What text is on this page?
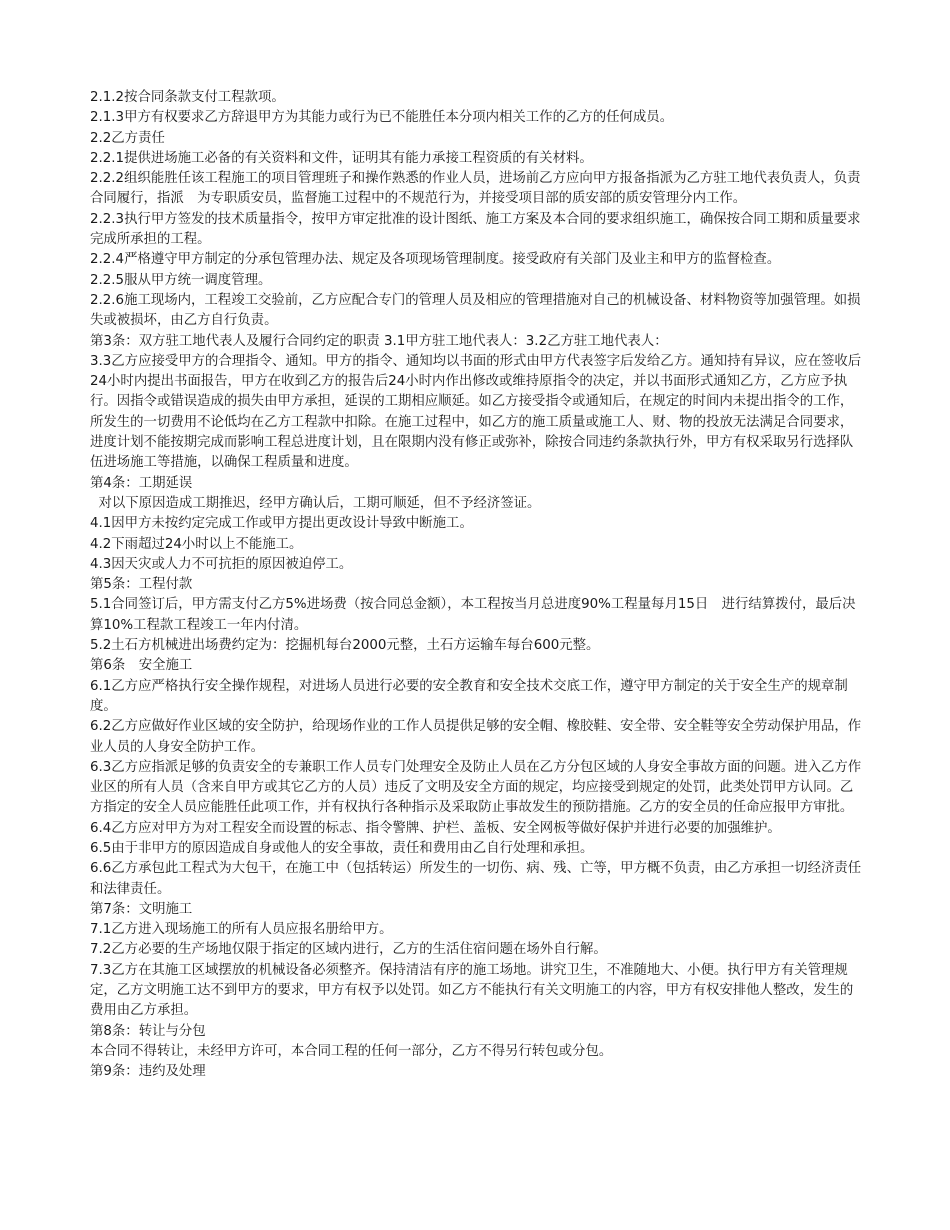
2.1.2按合同条款支付工程款项。

2.1.3甲方有权要求乙方辞退甲方为其能力或行为已不能胜任本分项内相关工作的乙方的任何成员。

2.2乙方责任

2.2.1提供进场施工必备的有关资料和文件，证明其有能力承接工程资质的有关材料。

2.2.2组织能胜任该工程施工的项目管理班子和操作熟悉的作业人员，进场前乙方应向甲方报备指派为乙方驻工地代表负责人，负责合同履行，指派　为专职质安员，监督施工过程中的不规范行为，并接受项目部的质安部的质安管理分内工作。

2.2.3执行甲方签发的技术质量指令，按甲方审定批准的设计图纸、施工方案及本合同的要求组织施工，确保按合同工期和质量要求完成所承担的工程。

2.2.4严格遵守甲方制定的分承包管理办法、规定及各项现场管理制度。接受政府有关部门及业主和甲方的监督检查。

2.2.5服从甲方统一调度管理。

2.2.6施工现场内，工程竣工交验前，乙方应配合专门的管理人员及相应的管理措施对自己的机械设备、材料物资等加强管理。如损失或被损坏，由乙方自行负责。

第3条：双方驻工地代表人及履行合同约定的职责 3.1甲方驻工地代表人：3.2乙方驻工地代表人：

3.3乙方应接受甲方的合理指令、通知。甲方的指令、通知均以书面的形式由甲方代表签字后发给乙方。通知持有异议，应在签收后24小时内提出书面报告，甲方在收到乙方的报告后24小时内作出修改或维持原指令的决定，并以书面形式通知乙方，乙方应予执行。因指令或错误造成的损失由甲方承担，延误的工期相应顺延。如乙方接受指令或通知后，在规定的时间内未提出指令的工作，所发生的一切费用不论低均在乙方工程款中扣除。在施工过程中，如乙方的施工质量或施工人、财、物的投放无法满足合同要求，进度计划不能按期完成而影响工程总进度计划，且在限期内没有修正或弥补，除按合同违约条款执行外，甲方有权采取另行选择队伍进场施工等措施，以确保工程质量和进度。

第4条：工期延误

对以下原因造成工期推迟，经甲方确认后，工期可顺延，但不予经济签证。

4.1因甲方未按约定完成工作或甲方提出更改设计导致中断施工。

4.2下雨超过24小时以上不能施工。

4.3因天灾或人力不可抗拒的原因被迫停工。

第5条：工程付款

5.1合同签订后，甲方需支付乙方5%进场费（按合同总金额），本工程按当月总进度90%工程量每月15日　进行结算拨付，最后决算10%工程款工程竣工一年内付清。

5.2土石方机械进出场费约定为：挖掘机每台2000元整，土石方运输车每台600元整。

第6条　安全施工

6.1乙方应严格执行安全操作规程，对进场人员进行必要的安全教育和安全技术交底工作，遵守甲方制定的关于安全生产的规章制度。

6.2乙方应做好作业区域的安全防护，给现场作业的工作人员提供足够的安全帽、橡胶鞋、安全带、安全鞋等安全劳动保护用品，作业人员的人身安全防护工作。

6.3乙方应指派足够的负责安全的专兼职工作人员专门处理安全及防止人员在乙方分包区域的人身安全事故方面的问题。进入乙方作业区的所有人员（含来自甲方或其它乙方的人员）违反了文明及安全方面的规定，均应接受到规定的处罚，此类处罚甲方认同。乙方指定的安全人员应能胜任此项工作，并有权执行各种指示及采取防止事故发生的预防措施。乙方的安全员的任命应报甲方审批。

6.4乙方应对甲方为对工程安全而设置的标志、指令警牌、护栏、盖板、安全网板等做好保护并进行必要的加强维护。

6.5由于非甲方的原因造成自身或他人的安全事故，责任和费用由乙自行处理和承担。

6.6乙方承包此工程式为大包干，在施工中（包括转运）所发生的一切伤、病、残、亡等，甲方概不负责，由乙方承担一切经济责任和法律责任。

第7条：文明施工

7.1乙方进入现场施工的所有人员应报名册给甲方。

7.2乙方必要的生产场地仅限于指定的区域内进行，乙方的生活住宿问题在场外自行解。

7.3乙方在其施工区域摆放的机械设备必须整齐。保持清洁有序的施工场地。讲究卫生，不准随地大、小便。执行甲方有关管理规定，乙方文明施工达不到甲方的要求，甲方有权予以处罚。如乙方不能执行有关文明施工的内容，甲方有权安排他人整改，发生的费用由乙方承担。

第8条：转让与分包

本合同不得转让，未经甲方许可，本合同工程的任何一部分，乙方不得另行转包或分包。

第9条：违约及处理
